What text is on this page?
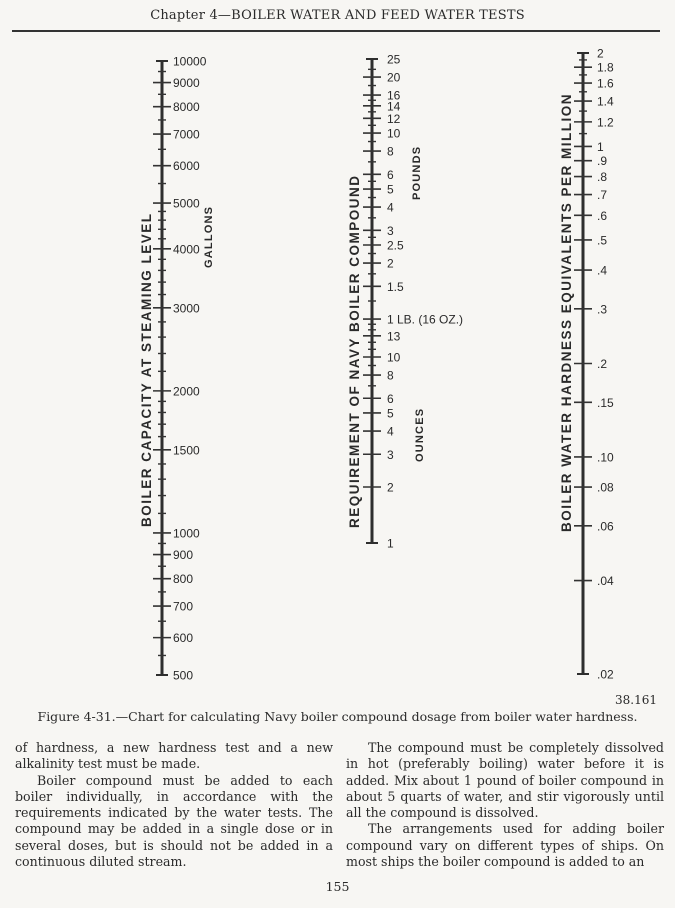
Chapter 4—BOILER WATER AND FEED WATER TESTS
10000
9000
8000
7000
6000
5000
4000
3000
2000
1500
1000
900
800
700
600
500
25
20
16
14
12
10
8
6
5
4
3
2.5
2
1.5
1 LB. (16 OZ.)
13
10
8
6
5
4
3
2
1
2
1.8
1.6
1.4
1.2
1
.9
.8
.7
.6
.5
.4
.3
.2
.15
.10
.08
.06
.04
.02
BOILER CAPACITY AT STEAMING LEVEL	GALLONS	REQUIREMENT OF NAVY BOILER COMPOUND
POUNDS
OUNCES	BOILER WATER HARDNESS EQUIVALENTS PER MILLION
38.161
Figure 4-31.—Chart for calculating Navy boiler compound dosage from boiler water hardness.

of hardness, a new hardness test and a new alkalinity test must be made.

Boiler compound must be added to each boiler individually, in accordance with the requirements indicated by the water tests. The compound may be added in a single dose or in several doses, but is should not be added in a continuous diluted stream.

The compound must be completely dissolved in hot (preferably boiling) water before it is added. Mix about 1 pound of boiler compound in about 5 quarts of water, and stir vigorously until all the compound is dissolved.

The arrangements used for adding boiler compound vary on different types of ships. On most ships the boiler compound is added to an

155
